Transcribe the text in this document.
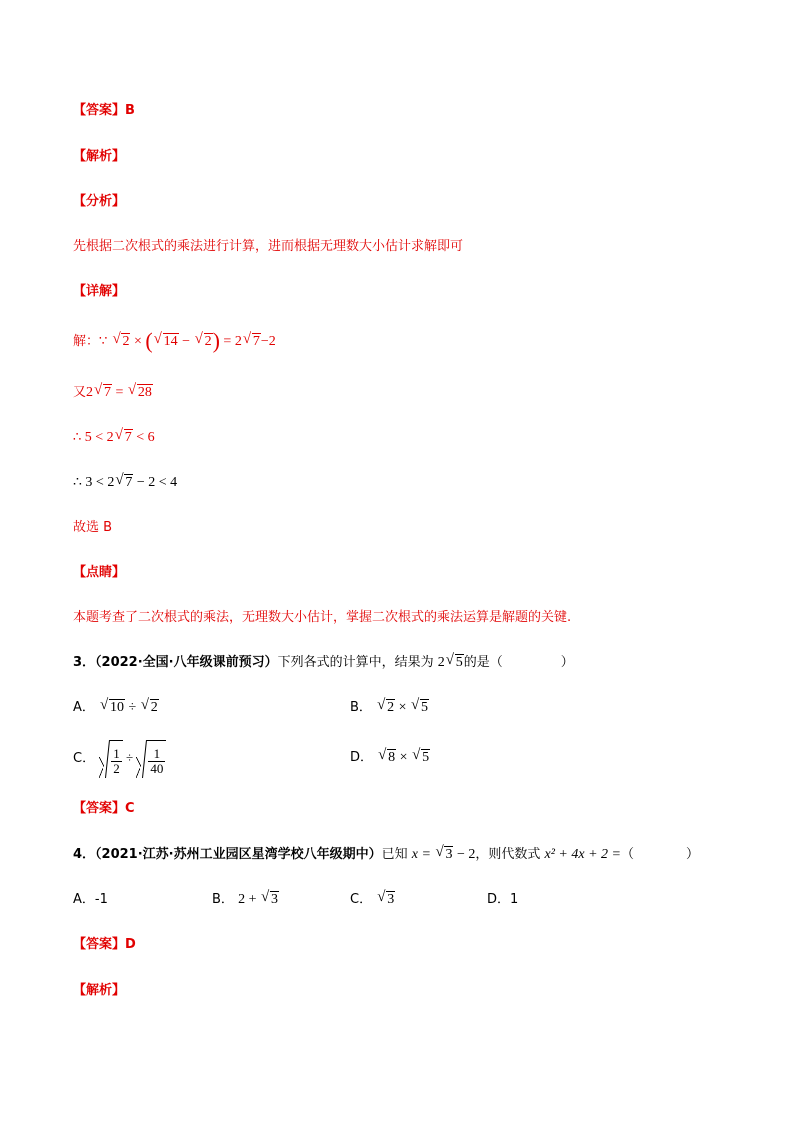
【答案】B
【解析】
【分析】
先根据二次根式的乘法进行计算，进而根据无理数大小估计求解即可
【详解】
解：∵ √ 2 × ( √ 14 − √ 2) = 2 √ 7−2
又2 √ 7 = √ 28
∴ 5 < 2 √ 7 < 6
∴ 3 < 2 √ 7 − 2 < 4
故选 B
【点睛】
本题考查了二次根式的乘法，无理数大小估计，掌握二次根式的乘法运算是解题的关键.
3．（2022·全国·八年级课前预习）下列各式的计算中，结果为 2 √ 5的是（	）
A． √ 10 ÷ √ 2	B． √ 2 × √ 5
C． $\frac{1}{2} \div \frac{1}{40}$	D． √ 8 × √ 5
【答案】C
4．（2021·江苏·苏州工业园区星湾学校八年级期中）已知 x = √ 3 − 2，则代数式 x² + 4x + 2 =（	）
A．-1	B． 2 + √ 3	C． √ 3	D．1
【答案】D
【解析】
